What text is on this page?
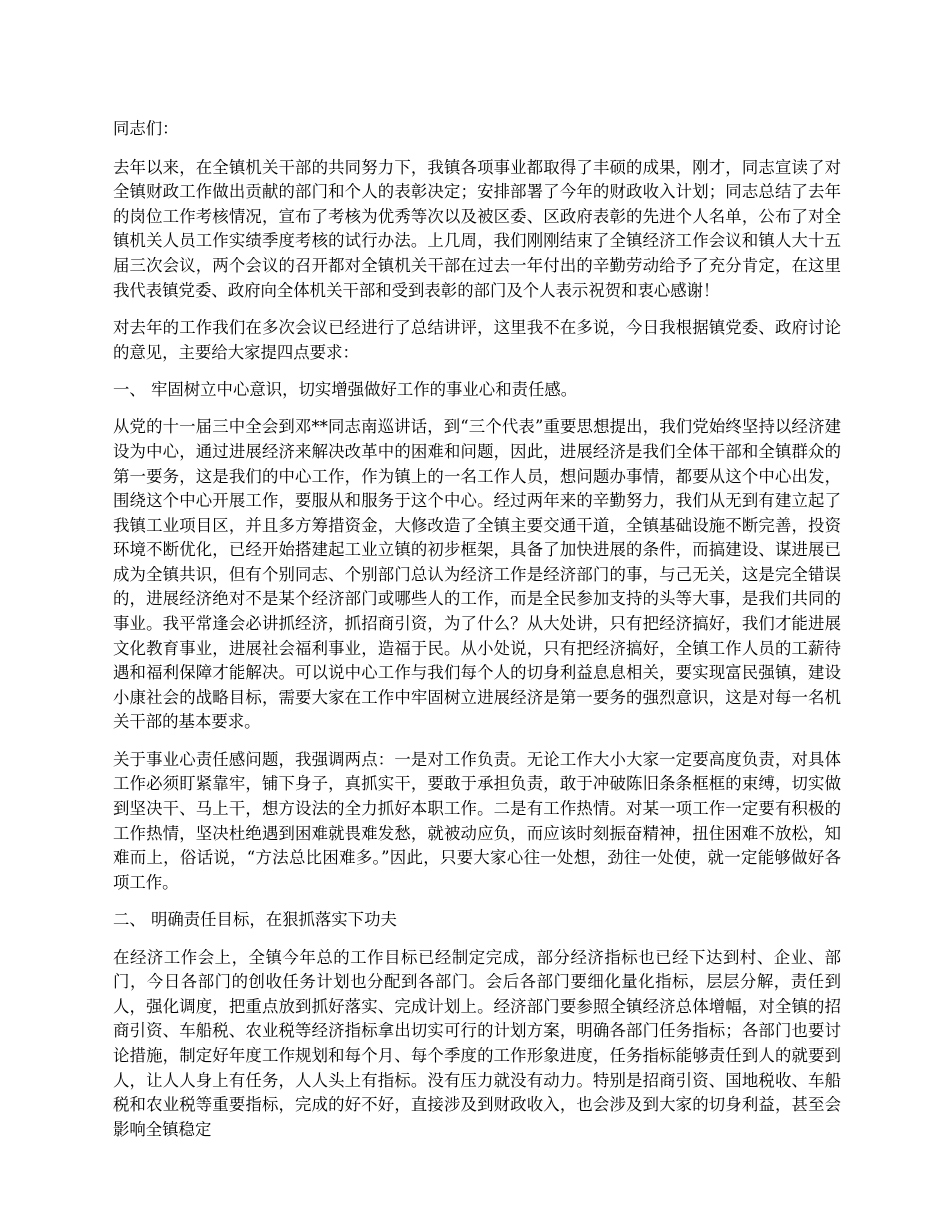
同志们：

去年以来，在全镇机关干部的共同努力下，我镇各项事业都取得了丰硕的成果，刚才，同志宣读了对全镇财政工作做出贡献的部门和个人的表彰决定；安排部署了今年的财政收入计划；同志总结了去年的岗位工作考核情况，宣布了考核为优秀等次以及被区委、区政府表彰的先进个人名单，公布了对全镇机关人员工作实绩季度考核的试行办法。上几周，我们刚刚结束了全镇经济工作会议和镇人大十五届三次会议，两个会议的召开都对全镇机关干部在过去一年付出的辛勤劳动给予了充分肯定，在这里我代表镇党委、政府向全体机关干部和受到表彰的部门及个人表示祝贺和衷心感谢！

对去年的工作我们在多次会议已经进行了总结讲评，这里我不在多说，今日我根据镇党委、政府讨论的意见，主要给大家提四点要求：

一、 牢固树立中心意识，切实增强做好工作的事业心和责任感。

从党的十一届三中全会到邓**同志南巡讲话，到“三个代表”重要思想提出，我们党始终坚持以经济建设为中心，通过进展经济来解决改革中的困难和问题，因此，进展经济是我们全体干部和全镇群众的第一要务，这是我们的中心工作，作为镇上的一名工作人员，想问题办事情，都要从这个中心出发，围绕这个中心开展工作，要服从和服务于这个中心。经过两年来的辛勤努力，我们从无到有建立起了我镇工业项目区，并且多方筹措资金，大修改造了全镇主要交通干道，全镇基础设施不断完善，投资环境不断优化，已经开始搭建起工业立镇的初步框架，具备了加快进展的条件，而搞建设、谋进展已成为全镇共识，但有个别同志、个别部门总认为经济工作是经济部门的事，与己无关，这是完全错误的，进展经济绝对不是某个经济部门或哪些人的工作，而是全民参加支持的头等大事，是我们共同的事业。我平常逢会必讲抓经济，抓招商引资，为了什么？从大处讲，只有把经济搞好，我们才能进展文化教育事业，进展社会福利事业，造福于民。从小处说，只有把经济搞好，全镇工作人员的工薪待遇和福利保障才能解决。可以说中心工作与我们每个人的切身利益息息相关，要实现富民强镇，建设小康社会的战略目标，需要大家在工作中牢固树立进展经济是第一要务的强烈意识，这是对每一名机关干部的基本要求。

关于事业心责任感问题，我强调两点：一是对工作负责。无论工作大小大家一定要高度负责，对具体工作必须盯紧靠牢，铺下身子，真抓实干，要敢于承担负责，敢于冲破陈旧条条框框的束缚，切实做到坚决干、马上干，想方设法的全力抓好本职工作。二是有工作热情。对某一项工作一定要有积极的工作热情，坚决杜绝遇到困难就畏难发愁，就被动应负，而应该时刻振奋精神，扭住困难不放松，知难而上，俗话说，“方法总比困难多。”因此，只要大家心往一处想，劲往一处使，就一定能够做好各项工作。

二、 明确责任目标，在狠抓落实下功夫

在经济工作会上，全镇今年总的工作目标已经制定完成，部分经济指标也已经下达到村、企业、部门，今日各部门的创收任务计划也分配到各部门。会后各部门要细化量化指标，层层分解，责任到人，强化调度，把重点放到抓好落实、完成计划上。经济部门要参照全镇经济总体增幅，对全镇的招商引资、车船税、农业税等经济指标拿出切实可行的计划方案，明确各部门任务指标；各部门也要讨论措施，制定好年度工作规划和每个月、每个季度的工作形象进度，任务指标能够责任到人的就要到人，让人人身上有任务，人人头上有指标。没有压力就没有动力。特别是招商引资、国地税收、车船税和农业税等重要指标，完成的好不好，直接涉及到财政收入，也会涉及到大家的切身利益，甚至会影响全镇稳定
